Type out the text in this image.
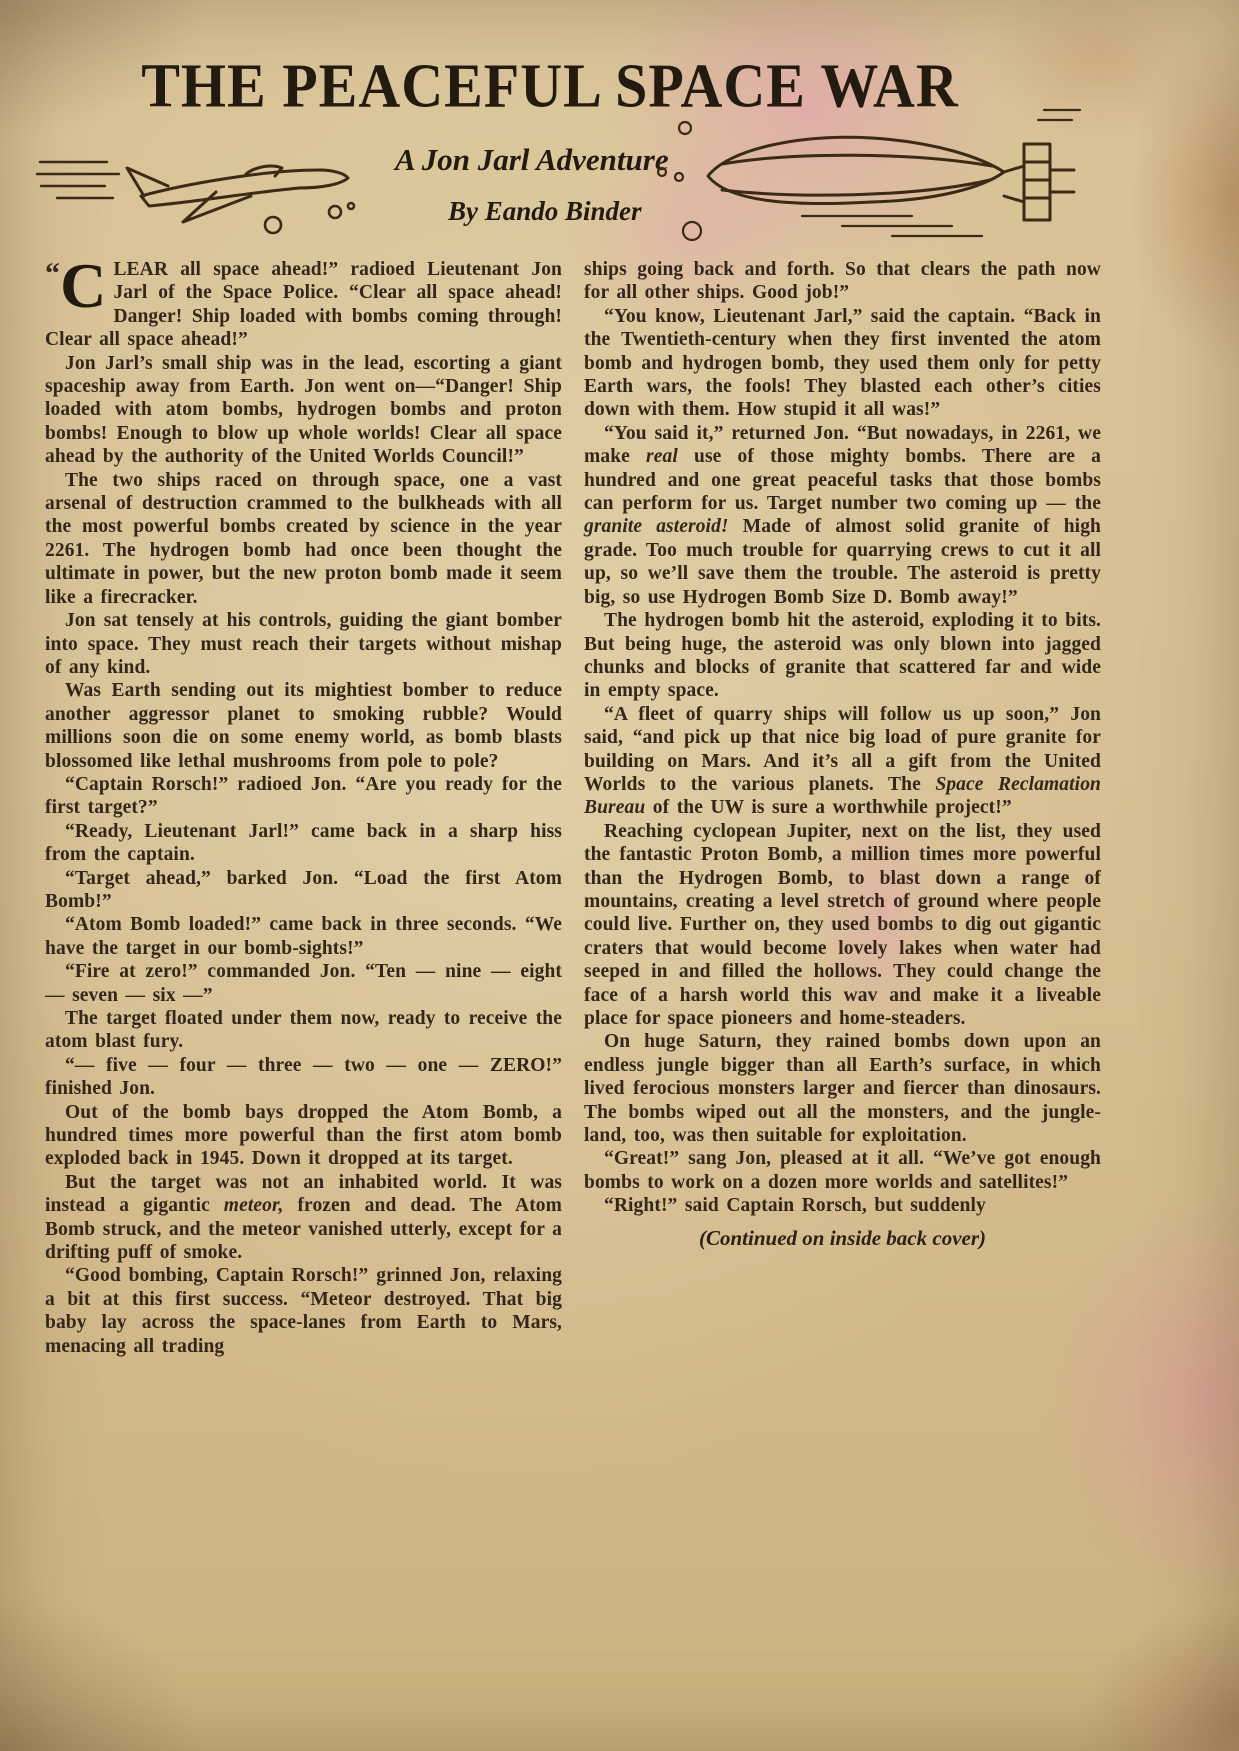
THE PEACEFUL SPACE WAR
A Jon Jarl Adventure
By Eando Binder

“ C LEAR all space ahead!” radioed Lieutenant Jon Jarl of the Space Police. “Clear all space ahead! Danger! Ship loaded with bombs coming through! Clear all space ahead!”

Jon Jarl’s small ship was in the lead, escorting a giant spaceship away from Earth. Jon went on—“Danger! Ship loaded with atom bombs, hydrogen bombs and proton bombs! Enough to blow up whole worlds! Clear all space ahead by the authority of the United Worlds Council!”

The two ships raced on through space, one a vast arsenal of destruction crammed to the bulkheads with all the most powerful bombs created by science in the year 2261. The hydrogen bomb had once been thought the ultimate in power, but the new proton bomb made it seem like a firecracker.

Jon sat tensely at his controls, guiding the giant bomber into space. They must reach their targets without mishap of any kind.

Was Earth sending out its mightiest bomber to reduce another aggressor planet to smoking rubble? Would millions soon die on some enemy world, as bomb blasts blossomed like lethal mushrooms from pole to pole?

“Captain Rorsch!” radioed Jon. “Are you ready for the first target?”

“Ready, Lieutenant Jarl!” came back in a sharp hiss from the captain.

“Target ahead,” barked Jon. “Load the first Atom Bomb!”

“Atom Bomb loaded!” came back in three seconds. “We have the target in our bomb-sights!”

“Fire at zero!” commanded Jon. “Ten — nine — eight — seven — six —”

The target floated under them now, ready to receive the atom blast fury.

“— five — four — three — two — one — ZERO!” finished Jon.

Out of the bomb bays dropped the Atom Bomb, a hundred times more powerful than the first atom bomb exploded back in 1945. Down it dropped at its target.

But the target was not an inhabited world. It was instead a gigantic meteor, frozen and dead. The Atom Bomb struck, and the meteor vanished utterly, except for a drifting puff of smoke.

“Good bombing, Captain Rorsch!” grinned Jon, relaxing a bit at this first success. “Meteor destroyed. That big baby lay across the space-lanes from Earth to Mars, menacing all trading

ships going back and forth. So that clears the path now for all other ships. Good job!”

“You know, Lieutenant Jarl,” said the captain. “Back in the Twentieth-century when they first invented the atom bomb and hydrogen bomb, they used them only for petty Earth wars, the fools! They blasted each other’s cities down with them. How stupid it all was!”

“You said it,” returned Jon. “But nowadays, in 2261, we make real use of those mighty bombs. There are a hundred and one great peaceful tasks that those bombs can perform for us. Target number two coming up — the granite asteroid! Made of almost solid granite of high grade. Too much trouble for quarrying crews to cut it all up, so we’ll save them the trouble. The asteroid is pretty big, so use Hydrogen Bomb Size D. Bomb away!”

The hydrogen bomb hit the asteroid, exploding it to bits. But being huge, the asteroid was only blown into jagged chunks and blocks of granite that scattered far and wide in empty space.

“A fleet of quarry ships will follow us up soon,” Jon said, “and pick up that nice big load of pure granite for building on Mars. And it’s all a gift from the United Worlds to the various planets. The Space Reclamation Bureau of the UW is sure a worthwhile project!”

Reaching cyclopean Jupiter, next on the list, they used the fantastic Proton Bomb, a million times more powerful than the Hydrogen Bomb, to blast down a range of mountains, creating a level stretch of ground where people could live. Further on, they used bombs to dig out gigantic craters that would become lovely lakes when water had seeped in and filled the hollows. They could change the face of a harsh world this wav and make it a liveable place for space pioneers and home-steaders.

On huge Saturn, they rained bombs down upon an endless jungle bigger than all Earth’s surface, in which lived ferocious monsters larger and fiercer than dinosaurs. The bombs wiped out all the monsters, and the jungle-land, too, was then suitable for exploitation.

“Great!” sang Jon, pleased at it all. “We’ve got enough bombs to work on a dozen more worlds and satellites!”

“Right!” said Captain Rorsch, but suddenly

(Continued on inside back cover)
